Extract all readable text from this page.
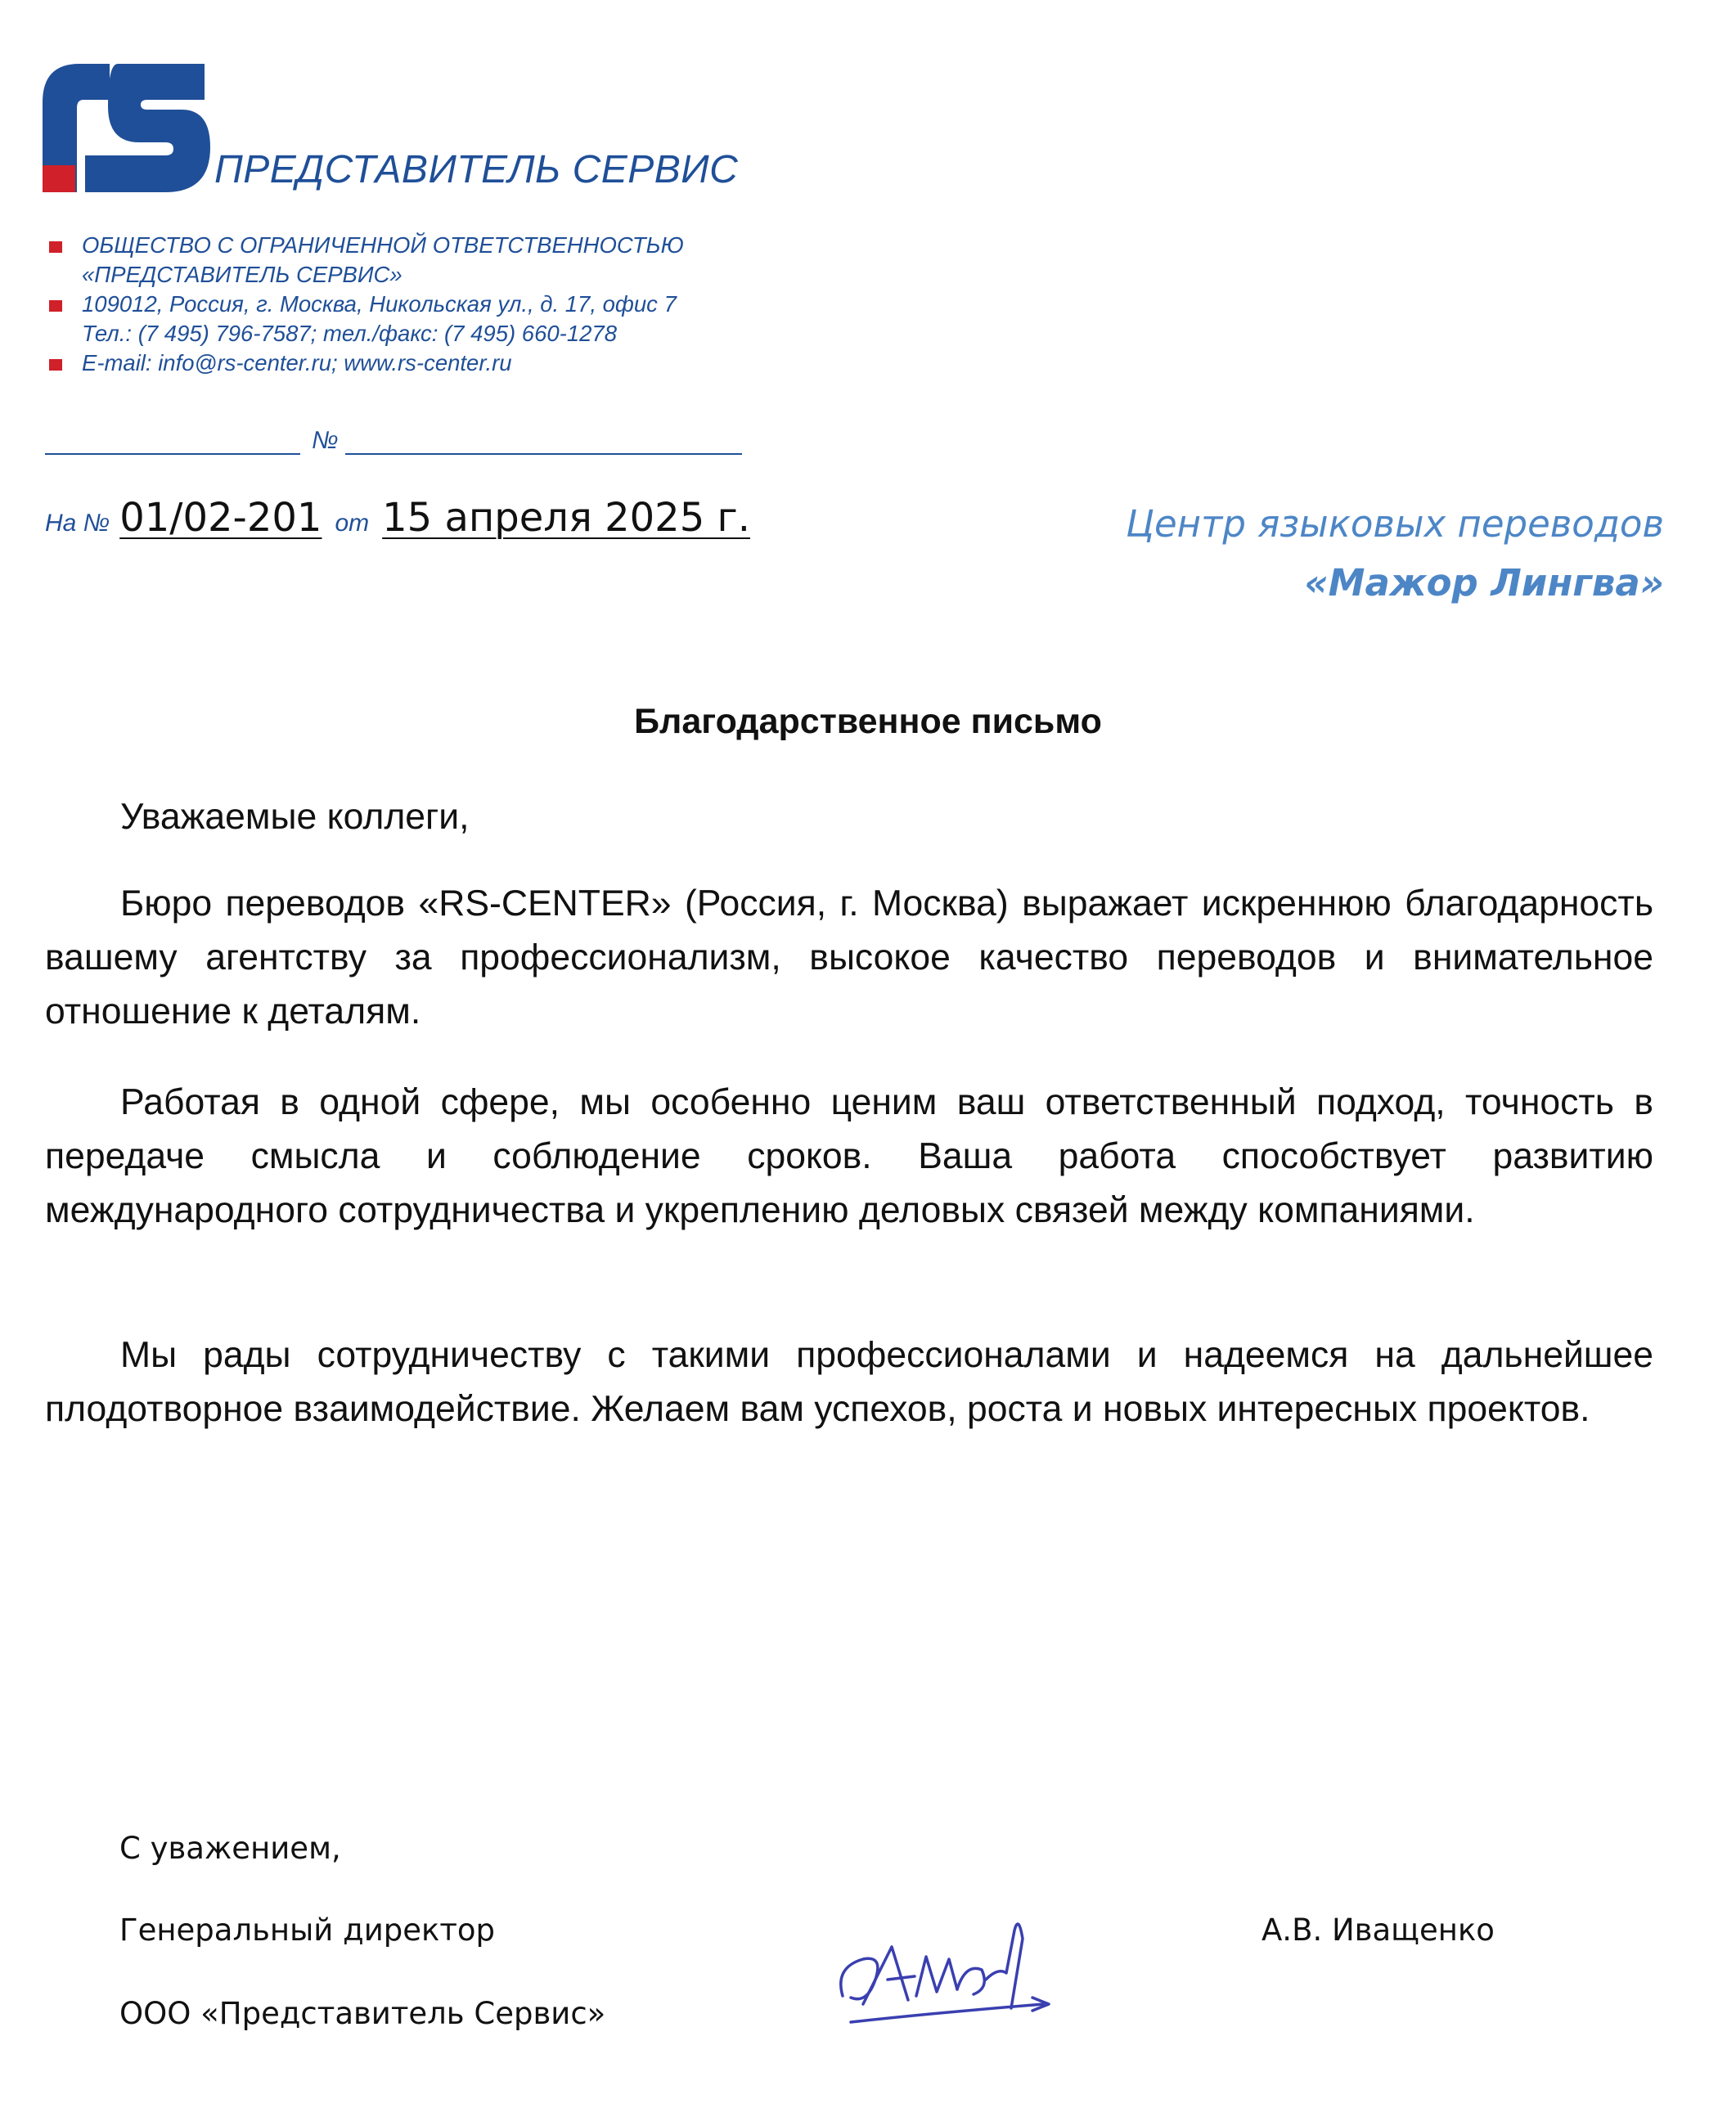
ПРЕДСТАВИТЕЛЬ СЕРВИС
ОБЩЕСТВО С ОГРАНИЧЕННОЙ ОТВЕТСТВЕННОСТЬЮ
«ПРЕДСТАВИТЕЛЬ СЕРВИС»
109012, Россия, г. Москва, Никольская ул., д. 17, офис 7
Тел.: (7 495) 796-7587; тел./факс: (7 495) 660-1278
E-mail: info@rs-center.ru; www.rs-center.ru
№
На № 01/02-201 от 15 апреля 2025 г.	Центр языковых переводов
«Мажор Лингва»
Благодарственное письмо
Уважаемые коллеги,
Бюро переводов «RS-CENTER» (Россия, г. Москва) выражает искреннюю благодарность вашему агентству за профессионализм, высокое качество переводов и внимательное отношение к деталям.
Работая в одной сфере, мы особенно ценим ваш ответственный подход, точность в передаче смысла и соблюдение сроков. Ваша работа способствует развитию международного сотрудничества и укреплению деловых связей между компаниями.
Мы рады сотрудничеству с такими профессионалами и надеемся на дальнейшее плодотворное взаимодействие. Желаем вам успехов, роста и новых интересных проектов.
С уважением,
Генеральный директор
ООО «Представитель Сервис»
А.В. Иващенко
